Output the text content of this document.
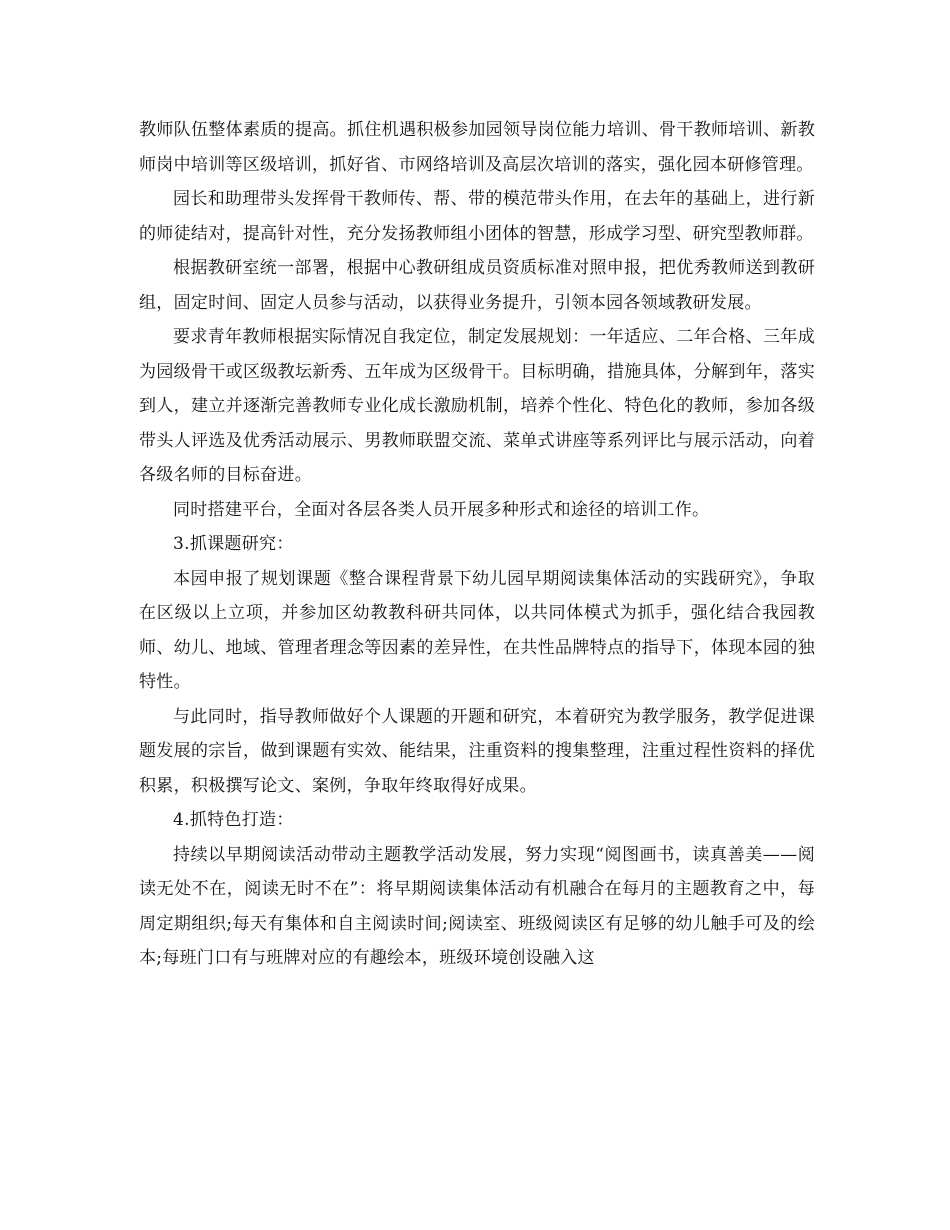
教师队伍整体素质的提高。抓住机遇积极参加园领导岗位能力培训、骨干教师培训、新教师岗中培训等区级培训，抓好省、市网络培训及高层次培训的落实，强化园本研修管理。

园长和助理带头发挥骨干教师传、帮、带的模范带头作用，在去年的基础上，进行新的师徒结对，提高针对性，充分发扬教师组小团体的智慧，形成学习型、研究型教师群。

根据教研室统一部署，根据中心教研组成员资质标准对照申报，把优秀教师送到教研组，固定时间、固定人员参与活动，以获得业务提升，引领本园各领域教研发展。

要求青年教师根据实际情况自我定位，制定发展规划：一年适应、二年合格、三年成为园级骨干或区级教坛新秀、五年成为区级骨干。目标明确，措施具体，分解到年，落实到人，建立并逐渐完善教师专业化成长激励机制，培养个性化、特色化的教师，参加各级带头人评选及优秀活动展示、男教师联盟交流、菜单式讲座等系列评比与展示活动，向着各级名师的目标奋进。

同时搭建平台，全面对各层各类人员开展多种形式和途径的培训工作。

3.抓课题研究：

本园申报了规划课题《整合课程背景下幼儿园早期阅读集体活动的实践研究》，争取在区级以上立项，并参加区幼教教科研共同体，以共同体模式为抓手，强化结合我园教师、幼儿、地域、管理者理念等因素的差异性，在共性品牌特点的指导下，体现本园的独特性。

与此同时，指导教师做好个人课题的开题和研究，本着研究为教学服务，教学促进课题发展的宗旨，做到课题有实效、能结果，注重资料的搜集整理，注重过程性资料的择优积累，积极撰写论文、案例，争取年终取得好成果。

4.抓特色打造：

持续以早期阅读活动带动主题教学活动发展，努力实现“阅图画书，读真善美——阅读无处不在，阅读无时不在”：将早期阅读集体活动有机融合在每月的主题教育之中，每周定期组织;每天有集体和自主阅读时间;阅读室、班级阅读区有足够的幼儿触手可及的绘本;每班门口有与班牌对应的有趣绘本，班级环境创设融入这
